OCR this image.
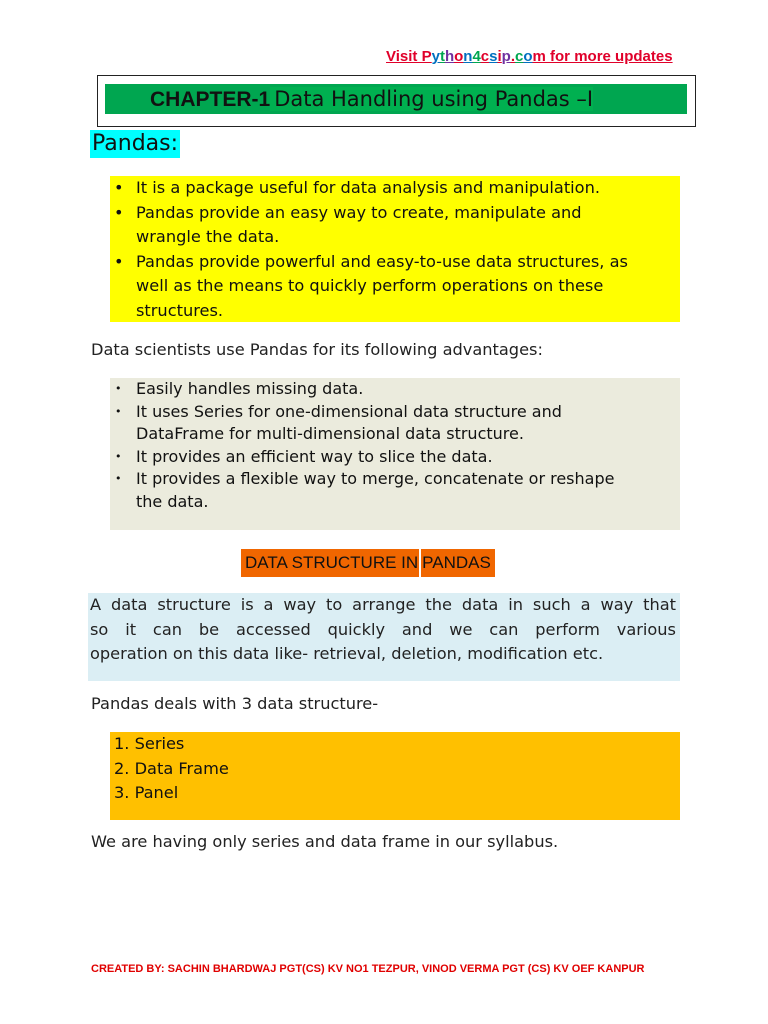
Visit Python4csip.com for more updates
CHAPTER-1 Data Handling using Pandas –I
Pandas:
• It is a package useful for data analysis and manipulation.
• Pandas provide an easy way to create, manipulate and
wrangle the data.
• Pandas provide powerful and easy-to-use data structures, as
well as the means to quickly perform operations on these
structures.
Data scientists use Pandas for its following advantages:
• Easily handles missing data.
• It uses Series for one-dimensional data structure and
DataFrame for multi-dimensional data structure.
• It provides an efficient way to slice the data.
• It provides a flexible way to merge, concatenate or reshape
the data.
DATA STRUCTURE IN PANDAS
A data structure is a way to arrange the data in such a way that
so it can be accessed quickly and we can perform various
operation on this data like- retrieval, deletion, modification etc.
Pandas deals with 3 data structure-
1. Series
2. Data Frame
3. Panel
We are having only series and data frame in our syllabus.
CREATED BY: SACHIN BHARDWAJ PGT(CS) KV NO1 TEZPUR, VINOD VERMA PGT (CS) KV OEF KANPUR
